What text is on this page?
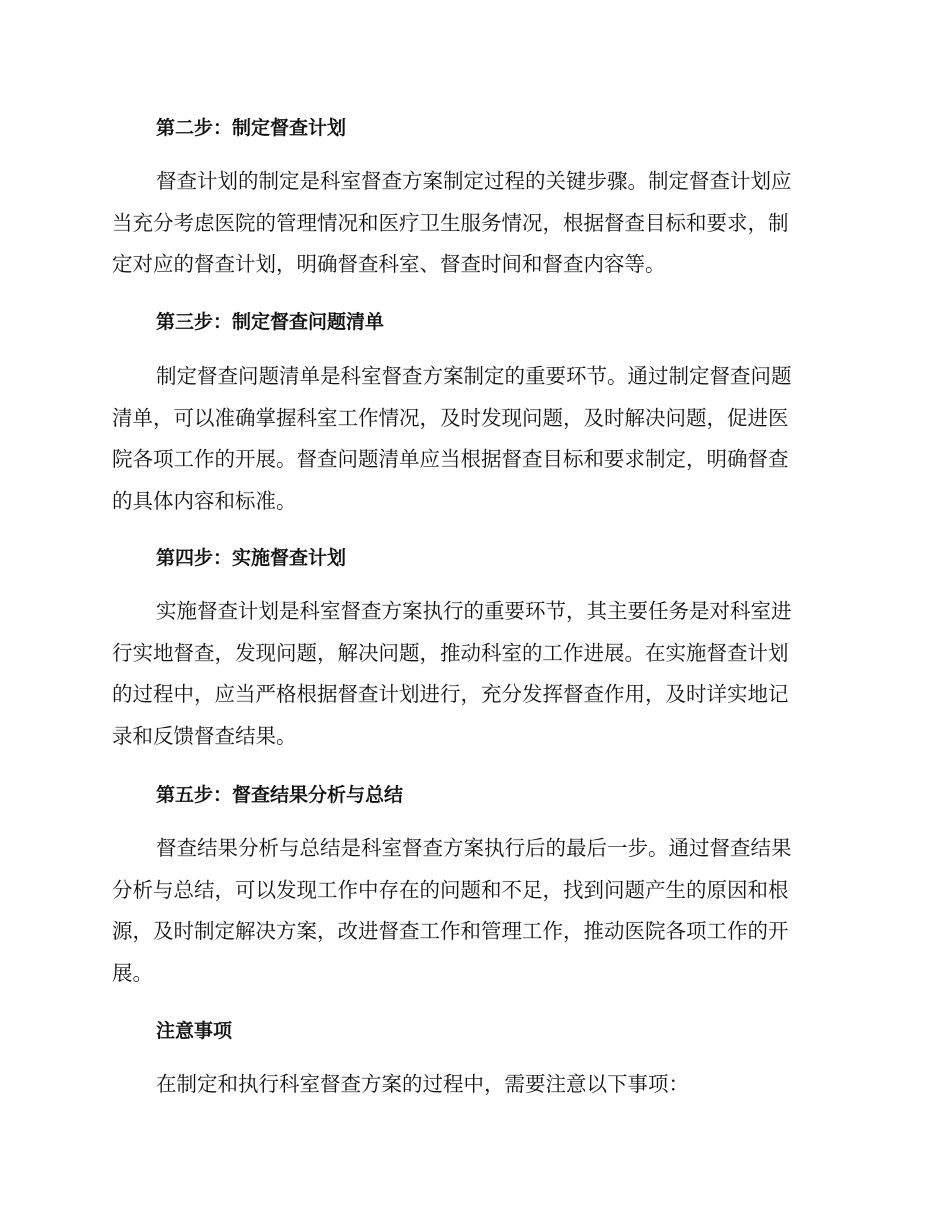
第二步：制定督查计划
督查计划的制定是科室督查方案制定过程的关键步骤。制定督查计划应
当充分考虑医院的管理情况和医疗卫生服务情况，根据督查目标和要求，制
定对应的督查计划，明确督查科室、督查时间和督查内容等。
第三步：制定督查问题清单
制定督查问题清单是科室督查方案制定的重要环节。通过制定督查问题
清单，可以准确掌握科室工作情况，及时发现问题，及时解决问题，促进医
院各项工作的开展。督查问题清单应当根据督查目标和要求制定，明确督查
的具体内容和标准。
第四步：实施督查计划
实施督查计划是科室督查方案执行的重要环节，其主要任务是对科室进
行实地督查，发现问题，解决问题，推动科室的工作进展。在实施督查计划
的过程中，应当严格根据督查计划进行，充分发挥督查作用，及时详实地记
录和反馈督查结果。
第五步：督查结果分析与总结
督查结果分析与总结是科室督查方案执行后的最后一步。通过督查结果
分析与总结，可以发现工作中存在的问题和不足，找到问题产生的原因和根
源，及时制定解决方案，改进督查工作和管理工作，推动医院各项工作的开
展。
注意事项
在制定和执行科室督查方案的过程中，需要注意以下事项：
